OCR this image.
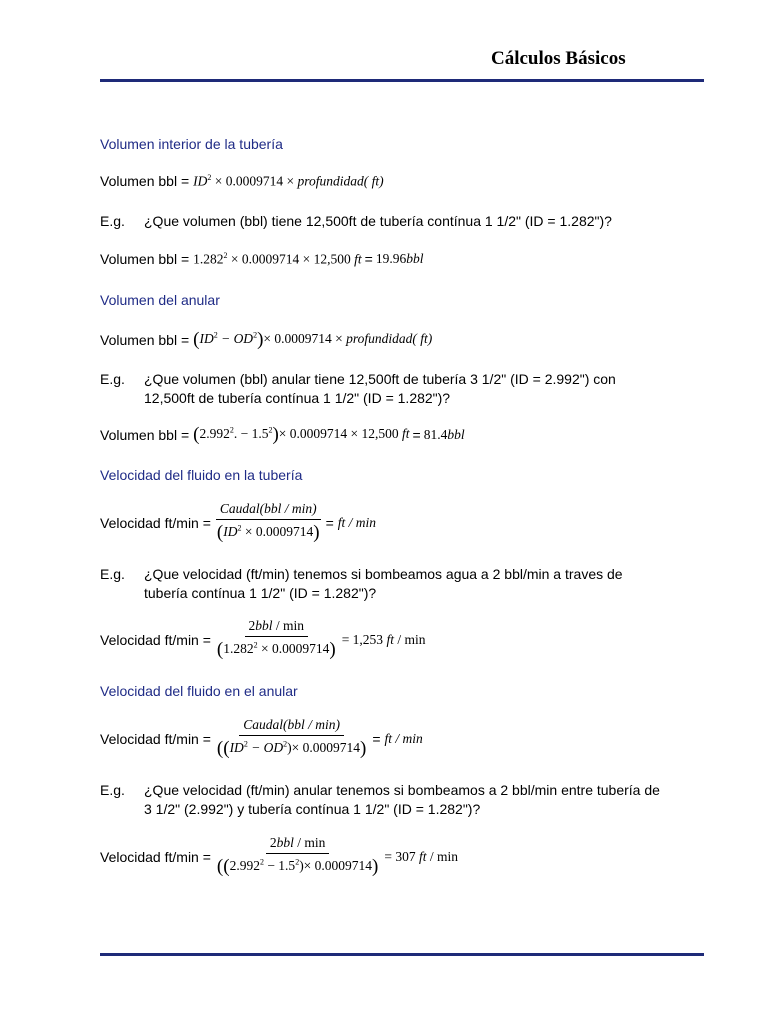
Cálculos Básicos
Volumen interior de la tubería
Volumen bbl = $ID^2 \times 0.0009714$ × profundidad( ft)
E.g. ¿Que volumen (bbl) tiene 12,500ft de tubería contínua 1 1/2" (ID = 1.282")?
Volumen bbl = $1.282^2 \times 0.0009714 \times 12,500$ ft = 19.96bbl
Volumen del anular
Volumen bbl = $(ID^2 - OD^2)\times 0.0009714$ × profundidad( ft)
E.g. ¿Que volumen (bbl) anular tiene 12,500ft de tubería 3 1/2" (ID = 2.992") con
12,500ft de tubería contínua 1 1/2" (ID = 1.282")?
Volumen bbl = ($2.992^2$. − $1.5^2)\times 0.0009714 \times 12,500$ ft = 81.4bbl
Velocidad del fluido en la tubería
Velocidad $ft/\min = \frac{\text{Caudal(bbl / min)}}{(ID^2 \times 0.0009714)}$ = ft / min
E.g. ¿Que velocidad (ft/min) tenemos si bombeamos agua a 2 bbl/min a traves de
tubería contínua 1 1/2" (ID = 1.282")?
Velocidad $ft/\min = \frac{\text{2bbl / min}}{(1.282^2 \times 0.0009714)} = 1,253$ ft / min
Velocidad del fluido en el anular
Velocidad $ft/\min = \frac{\text{Caudal(bbl / min)}}{((ID^2 - OD^2)\times 0.0009714)}$ = ft / min
E.g. ¿Que velocidad (ft/min) anular tenemos si bombeamos a 2 bbl/min entre tubería de
3 1/2" (2.992") y tubería contínua 1 1/2" (ID = 1.282")?
Velocidad $ft/\min = \frac{\text{2bbl / min}}{((2.992^2 - 1.5^2)\times 0.0009714)} = 307$ ft / min
